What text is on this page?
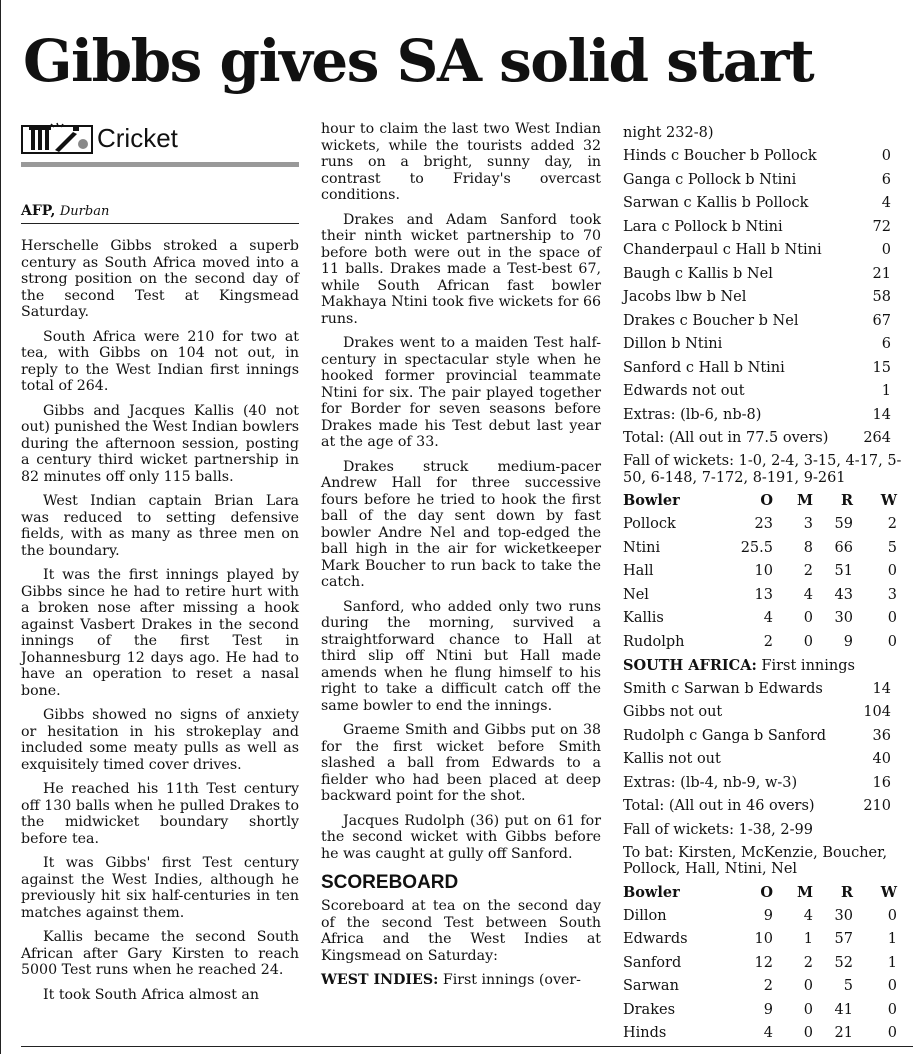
Gibbs gives SA solid start
Cricket
AFP, Durban

Herschelle Gibbs stroked a superb century as South Africa moved into a strong position on the second day of the second Test at Kingsmead Saturday.

South Africa were 210 for two at tea, with Gibbs on 104 not out, in reply to the West Indian first innings total of 264.

Gibbs and Jacques Kallis (40 not out) punished the West Indian bowlers during the afternoon session, posting a century third wicket partnership in 82 minutes off only 115 balls.

West Indian captain Brian Lara was reduced to setting defensive fields, with as many as three men on the boundary.

It was the first innings played by Gibbs since he had to retire hurt with a broken nose after missing a hook against Vasbert Drakes in the second innings of the first Test in Johannesburg 12 days ago. He had to have an operation to reset a nasal bone.

Gibbs showed no signs of anxiety or hesitation in his strokeplay and included some meaty pulls as well as exquisitely timed cover drives.

He reached his 11th Test century off 130 balls when he pulled Drakes to the midwicket boundary shortly before tea.

It was Gibbs' first Test century against the West Indies, although he previously hit six half-centuries in ten matches against them.

Kallis became the second South African after Gary Kirsten to reach 5000 Test runs when he reached 24.

It took South Africa almost an

hour to claim the last two West Indian wickets, while the tourists added 32 runs on a bright, sunny day, in contrast to Friday's overcast conditions.

Drakes and Adam Sanford took their ninth wicket partnership to 70 before both were out in the space of 11 balls. Drakes made a Test-best 67, while South African fast bowler Makhaya Ntini took five wickets for 66 runs.

Drakes went to a maiden Test half-century in spectacular style when he hooked former provincial teammate Ntini for six. The pair played together for Border for seven seasons before Drakes made his Test debut last year at the age of 33.

Drakes struck medium-pacer Andrew Hall for three successive fours before he tried to hook the first ball of the day sent down by fast bowler Andre Nel and top-edged the ball high in the air for wicketkeeper Mark Boucher to run back to take the catch.

Sanford, who added only two runs during the morning, survived a straightforward chance to Hall at third slip off Ntini but Hall made amends when he flung himself to his right to take a difficult catch off the same bowler to end the innings.

Graeme Smith and Gibbs put on 38 for the first wicket before Smith slashed a ball from Edwards to a fielder who had been placed at deep backward point for the shot.

Jacques Rudolph (36) put on 61 for the second wicket with Gibbs before he was caught at gully off Sanford.

SCOREBOARD

Scoreboard at tea on the second day of the second Test between South Africa and the West Indies at Kingsmead on Saturday:

WEST INDIES: First innings (over-

night 232-8)
Hinds c Boucher b Pollock	0
Ganga c Pollock b Ntini	6
Sarwan c Kallis b Pollock	4
Lara c Pollock b Ntini	72
Chanderpaul c Hall b Ntini	0
Baugh c Kallis b Nel	21
Jacobs lbw b Nel	58
Drakes c Boucher b Nel	67
Dillon b Ntini	6
Sanford c Hall b Ntini	15
Edwards not out	1
Extras: (lb-6, nb-8)	14
Total: (All out in 77.5 overs)	264
Fall of wickets: 1-0, 2-4, 3-15, 4-17, 5-50, 6-148, 7-172, 8-191, 9-261
Bowler	O	M	R	W
Pollock	23	3	59	2
Ntini	25.5	8	66	5
Hall	10	2	51	0
Nel	13	4	43	3
Kallis	4	0	30	0
Rudolph	2	0	9	0
SOUTH AFRICA: First innings
Smith c Sarwan b Edwards	14
Gibbs not out	104
Rudolph c Ganga b Sanford	36
Kallis not out	40
Extras: (lb-4, nb-9, w-3)	16
Total: (All out in 46 overs)	210
Fall of wickets: 1-38, 2-99
To bat: Kirsten, McKenzie, Boucher, Pollock, Hall, Ntini, Nel
Bowler	O	M	R	W
Dillon	9	4	30	0
Edwards	10	1	57	1
Sanford	12	2	52	1
Sarwan	2	0	5	0
Drakes	9	0	41	0
Hinds	4	0	21	0
